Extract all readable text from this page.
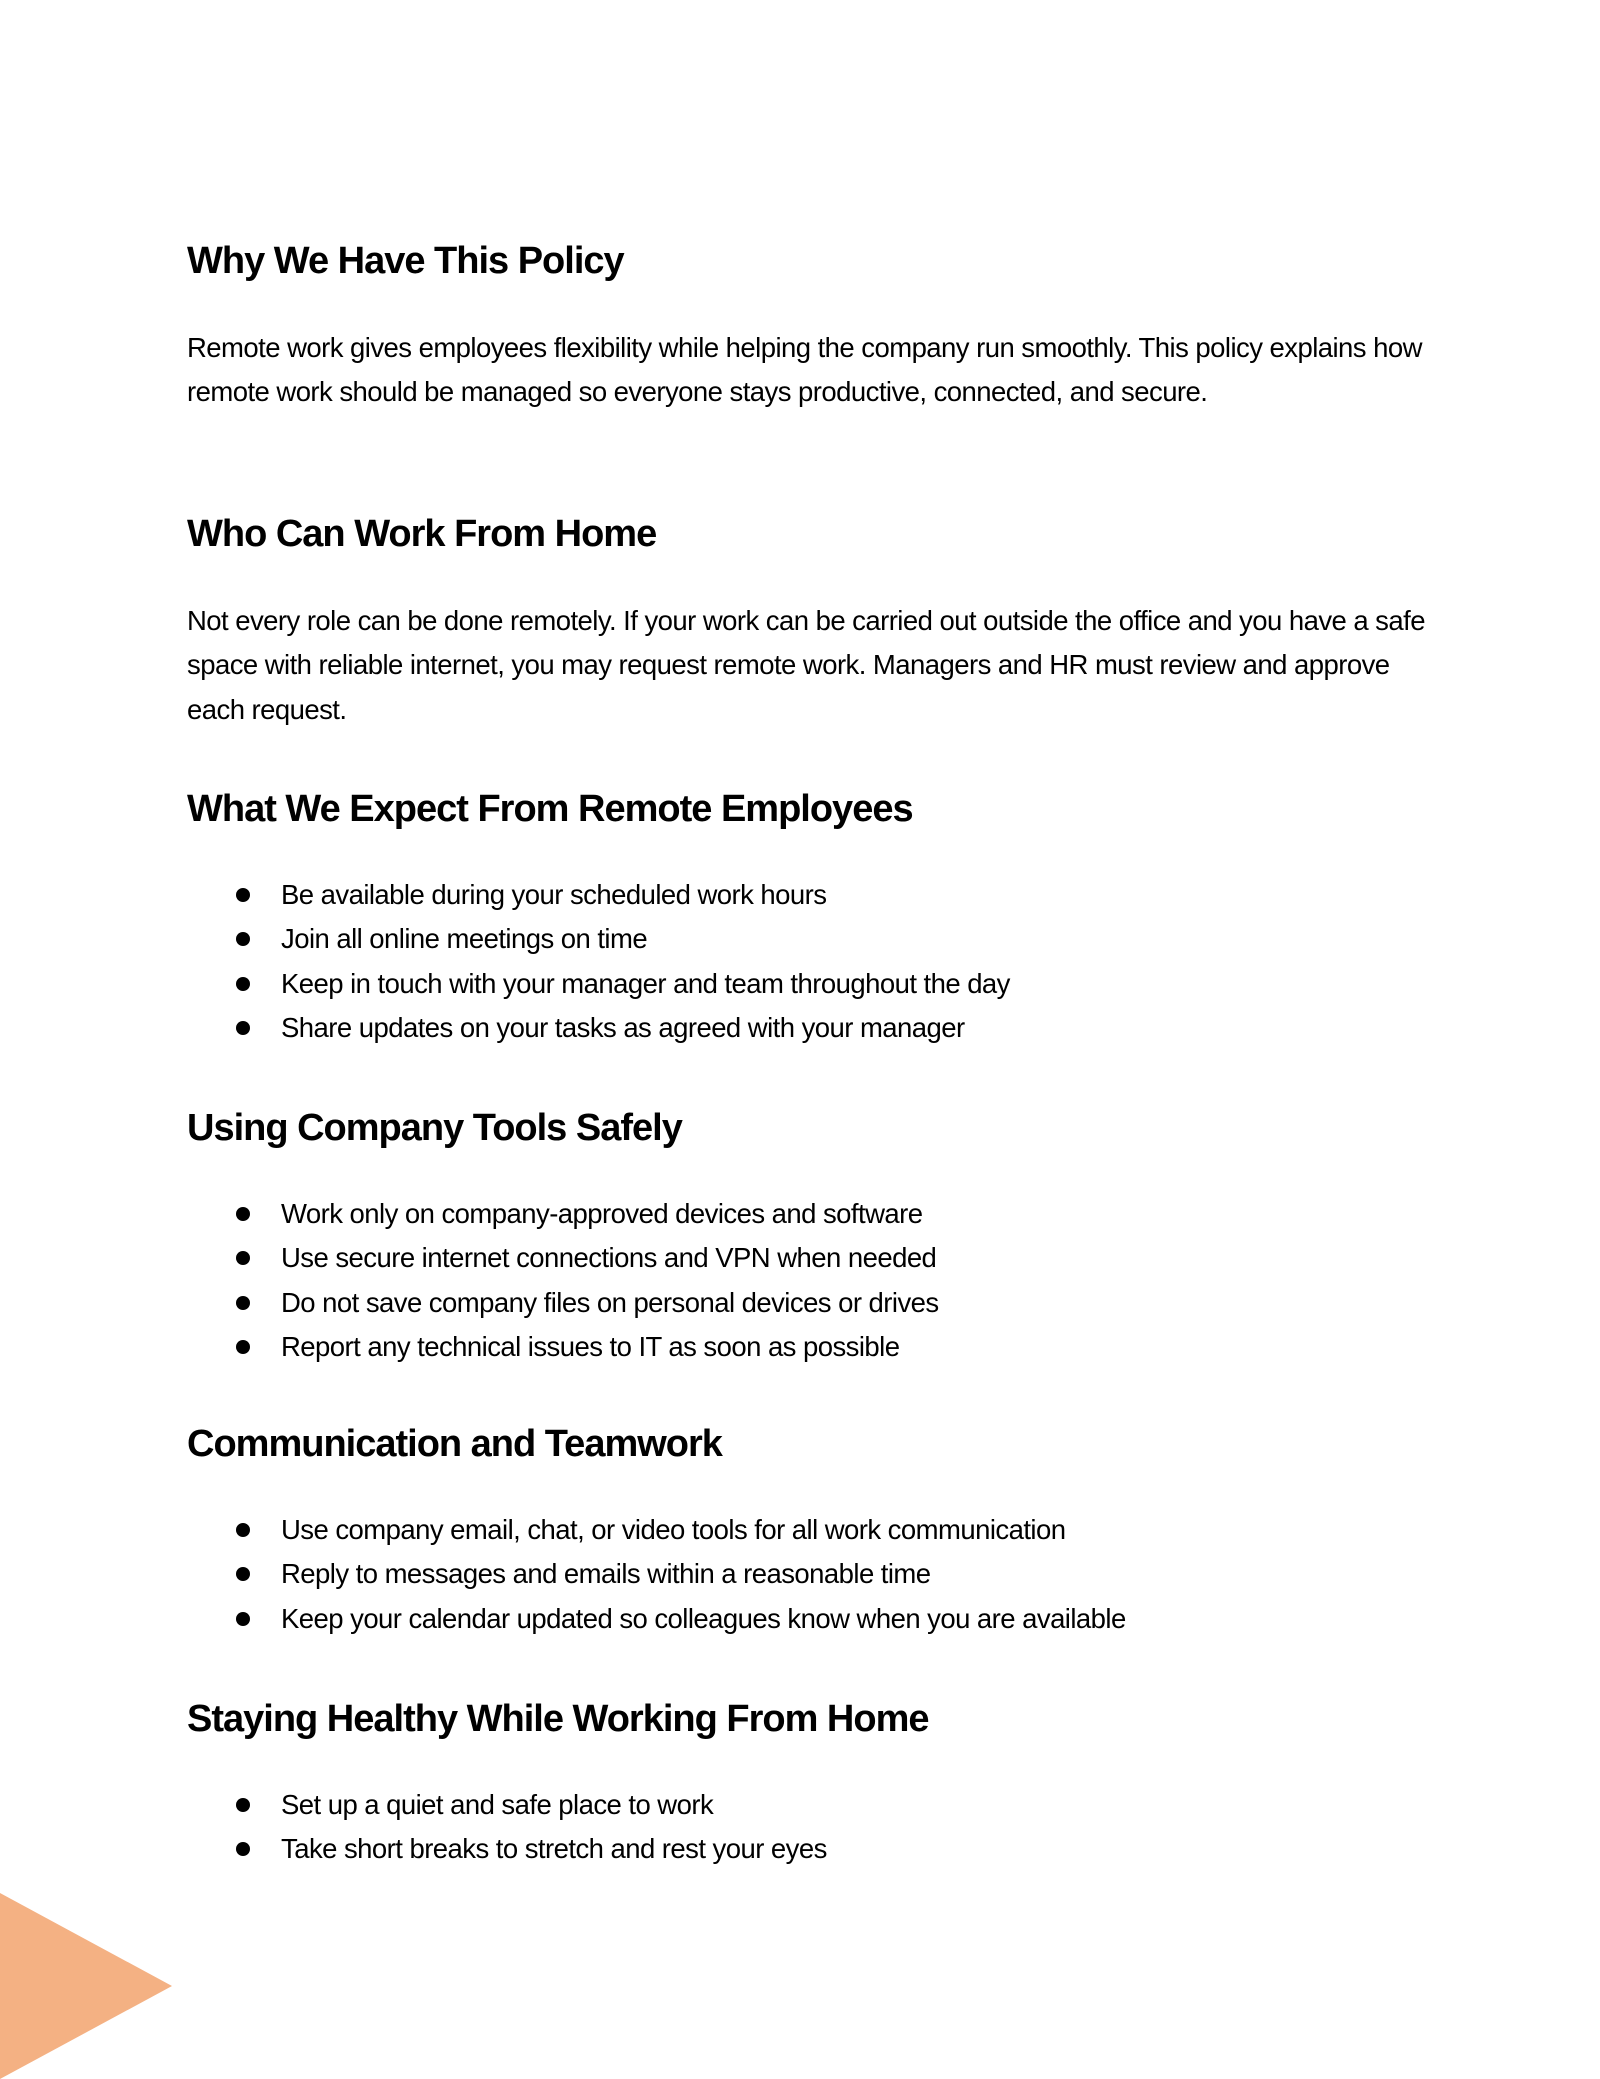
Why We Have This Policy

Remote work gives employees flexibility while helping the company run smoothly. This policy explains how remote work should be managed so everyone stays productive, connected, and secure.

Who Can Work From Home

Not every role can be done remotely. If your work can be carried out outside the office and you have a safe space with reliable internet, you may request remote work. Managers and HR must review and approve each request.

What We Expect From Remote Employees
Be available during your scheduled work hours
Join all online meetings on time
Keep in touch with your manager and team throughout the day
Share updates on your tasks as agreed with your manager
Using Company Tools Safely
Work only on company-approved devices and software
Use secure internet connections and VPN when needed
Do not save company files on personal devices or drives
Report any technical issues to IT as soon as possible
Communication and Teamwork
Use company email, chat, or video tools for all work communication
Reply to messages and emails within a reasonable time
Keep your calendar updated so colleagues know when you are available
Staying Healthy While Working From Home
Set up a quiet and safe place to work
Take short breaks to stretch and rest your eyes
